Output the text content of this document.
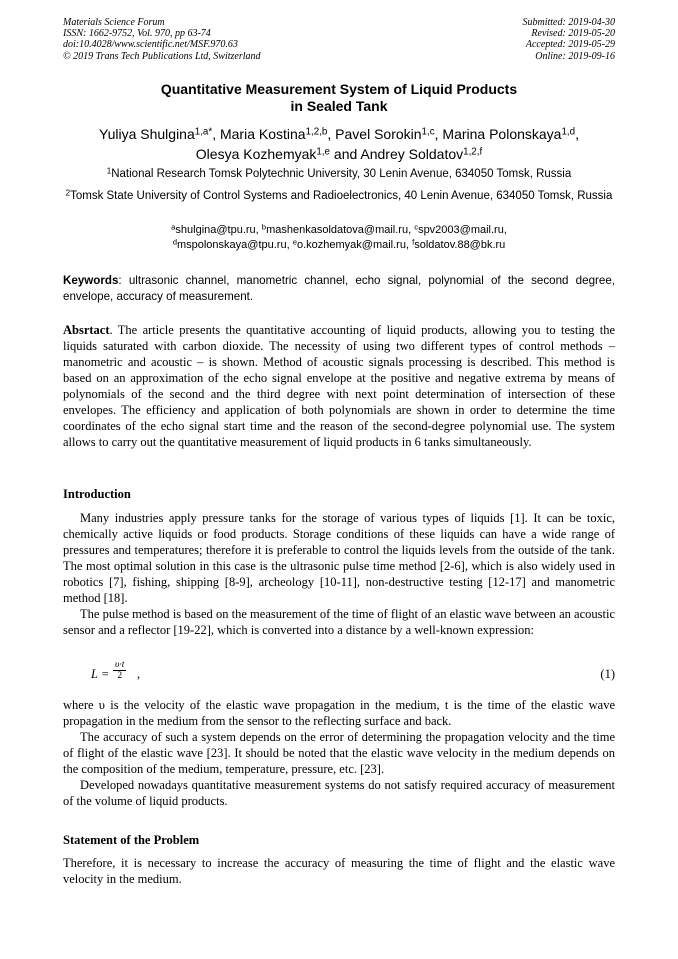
Materials Science Forum
ISSN: 1662-9752, Vol. 970, pp 63-74
doi:10.4028/www.scientific.net/MSF.970.63
© 2019 Trans Tech Publications Ltd, Switzerland
Submitted: 2019-04-30
Revised: 2019-05-20
Accepted: 2019-05-29
Online: 2019-09-16
Quantitative Measurement System of Liquid Products
in Sealed Tank
Yuliya Shulgina$^{1,a*}$, Maria Kostina$^{1,2,b}$, Pavel Sorokin$^{1,c}$, Marina Polonskaya$^{1,d}$,
Olesya Kozhemyak$^{1,e}$ and Andrey Soldatov$^{1,2,f}$
$^1$National Research Tomsk Polytechnic University, 30 Lenin Avenue, 634050 Tomsk, Russia
$^2$Tomsk State University of Control Systems and Radioelectronics, 40 Lenin Avenue, 634050 Tomsk, Russia
$^a$shulgina@tpu.ru, $^b$mashenkasoldatova@mail.ru, $^c$spv2003@mail.ru,
$^d$mspolonskaya@tpu.ru, $^e$o.kozhemyak@mail.ru, $^f$soldatov.88@bk.ru
Keywords: ultrasonic channel, manometric channel, echo signal, polynomial of the second degree, envelope, accuracy of measurement.
Absrtact. The article presents the quantitative accounting of liquid products, allowing you to testing the liquids saturated with carbon dioxide. The necessity of using two different types of control methods – manometric and acoustic – is shown. Method of acoustic signals processing is described. This method is based on an approximation of the echo signal envelope at the positive and negative extrema by means of polynomials of the second and the third degree with next point determination of intersection of these envelopes. The efficiency and application of both polynomials are shown in order to determine the time coordinates of the echo signal start time and the reason of the second-degree polynomial use. The system allows to carry out the quantitative measurement of liquid products in 6 tanks simultaneously.
Introduction

Many industries apply pressure tanks for the storage of various types of liquids [1]. It can be toxic, chemically active liquids or food products. Storage conditions of these liquids can have a wide range of pressures and temperatures; therefore it is preferable to control the liquids levels from the outside of the tank. The most optimal solution in this case is the ultrasonic pulse time method [2-6], which is also widely used in robotics [7], fishing, shipping [8-9], archeology [10-11], non-destructive testing [12-17] and manometric method [18].

The pulse method is based on the measurement of the time of flight of an elastic wave between an acoustic sensor and a reflector [19-22], which is converted into a distance by a well-known expression:

$L = \frac{\upsilon\cdot t}{2}$ ,	(1)

where υ is the velocity of the elastic wave propagation in the medium, t is the time of the elastic wave propagation in the medium from the sensor to the reflecting surface and back.

The accuracy of such a system depends on the error of determining the propagation velocity and the time of flight of the elastic wave [23]. It should be noted that the elastic wave velocity in the medium depends on the composition of the medium, temperature, pressure, etc. [23].

Developed nowadays quantitative measurement systems do not satisfy required accuracy of measurement of the volume of liquid products.

Statement of the Problem

Therefore, it is necessary to increase the accuracy of measuring the time of flight and the elastic wave velocity in the medium.
